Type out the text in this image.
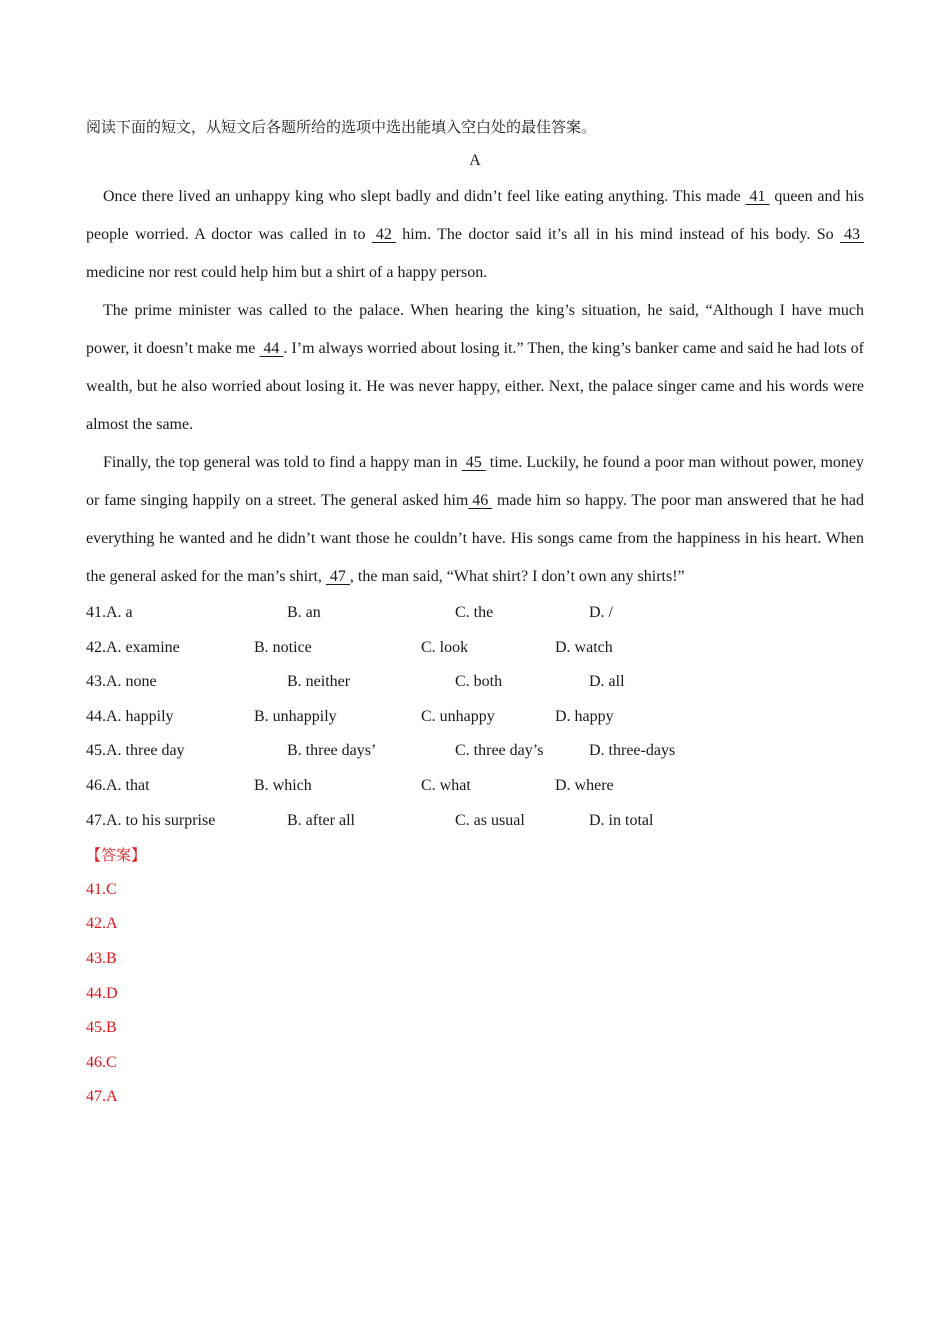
阅读下面的短文，从短文后各题所给的选项中选出能填入空白处的最佳答案。
A

Once there lived an unhappy king who slept badly and didn’t feel like eating anything. This made  41  queen and his people worried. A doctor was called in to  42  him. The doctor said it’s all in his mind instead of his body. So  43  medicine nor rest could help him but a shirt of a happy person.

The prime minister was called to the palace. When hearing the king’s situation, he said, “Although I have much power, it doesn’t make me  44 . I’m always worried about losing it.” Then, the king’s banker came and said he had lots of wealth, but he also worried about losing it. He was never happy, either. Next, the palace singer came and his words were almost the same.

Finally, the top general was told to find a happy man in  45  time. Luckily, he found a poor man without power, money or fame singing happily on a street. The general asked him 46  made him so happy. The poor man answered that he had everything he wanted and he didn’t want those he couldn’t have. His songs came from the happiness in his heart. When the general asked for the man’s shirt,  47 , the man said, “What shirt? I don’t own any shirts!”

41.A. a	B. an	C. the	D. /
42.A. examine	B. notice	C. look	D. watch
43.A. none	B. neither	C. both	D. all
44.A. happily	B. unhappily	C. unhappy	D. happy
45.A. three day	B. three days’	C. three day’s	D. three-days
46.A. that	B. which	C. what	D. where
47.A. to his surprise	B. after all	C. as usual	D. in total
【答案】
41.C
42.A
43.B
44.D
45.B
46.C
47.A
